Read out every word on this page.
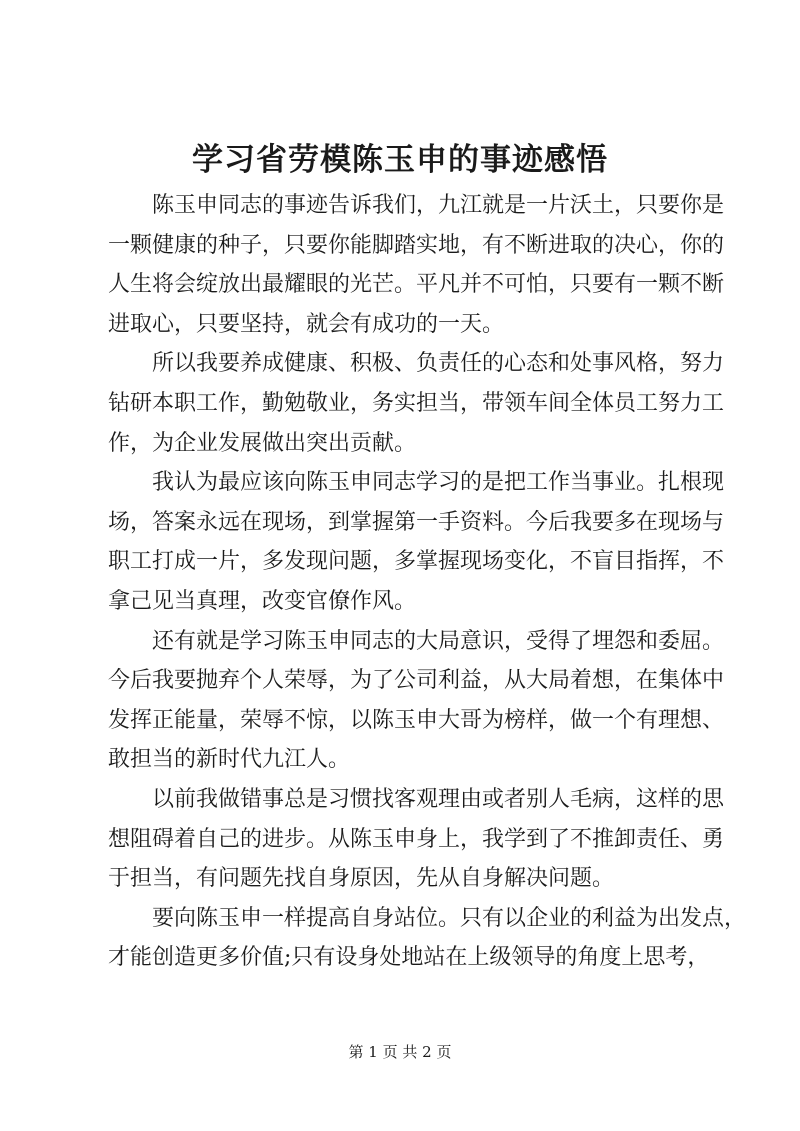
学习省劳模陈玉申的事迹感悟
陈玉申同志的事迹告诉我们，九江就是一片沃土，只要你是
一颗健康的种子，只要你能脚踏实地，有不断进取的决心，你的
人生将会绽放出最耀眼的光芒。平凡并不可怕，只要有一颗不断
进取心，只要坚持，就会有成功的一天。
所以我要养成健康、积极、负责任的心态和处事风格，努力
钻研本职工作，勤勉敬业，务实担当，带领车间全体员工努力工
作，为企业发展做出突出贡献。
我认为最应该向陈玉申同志学习的是把工作当事业。扎根现
场，答案永远在现场，到掌握第一手资料。今后我要多在现场与
职工打成一片，多发现问题，多掌握现场变化，不盲目指挥，不
拿己见当真理，改变官僚作风。
还有就是学习陈玉申同志的大局意识，受得了埋怨和委屈。
今后我要抛弃个人荣辱，为了公司利益，从大局着想，在集体中
发挥正能量，荣辱不惊，以陈玉申大哥为榜样，做一个有理想、
敢担当的新时代九江人。
以前我做错事总是习惯找客观理由或者别人毛病，这样的思
想阻碍着自己的进步。从陈玉申身上，我学到了不推卸责任、勇
于担当，有问题先找自身原因，先从自身解决问题。
要向陈玉申一样提高自身站位。只有以企业的利益为出发点，
才能创造更多价值;只有设身处地站在上级领导的角度上思考，
第 1 页 共 2 页
